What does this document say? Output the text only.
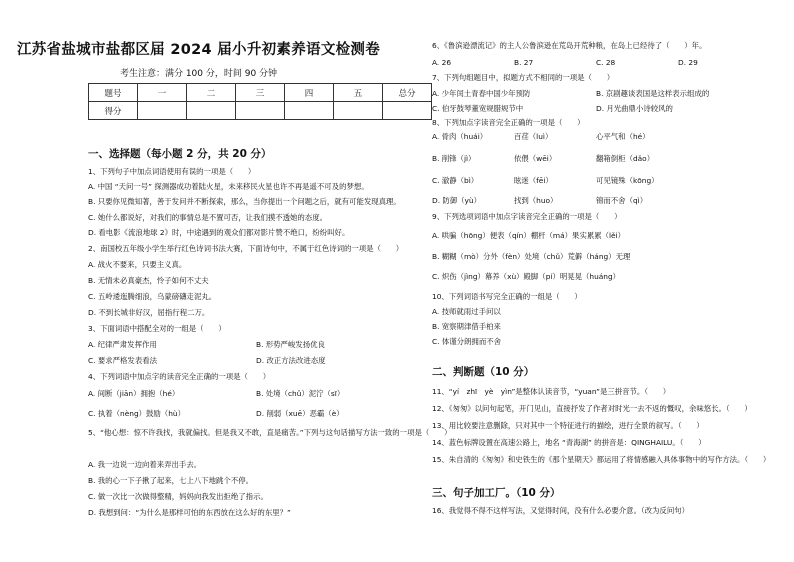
江苏省盐城市盐都区届 2024 届小升初素养语文检测卷
考生注意：满分 100 分，时间 90 分钟
题号	一	二	三	四	五	总分
得分						
一、选择题（每小题 2 分，共 20 分）
1、下列句子中加点词语使用有误的一项是（　　）
A. 中国 “天问一号” 探测器成功着陆火星，未来移民火星也许不再是遥不可及的梦想。
B. 只要你见微知著，善于发问并不断探索，那么，当你提出一个问题之后，就有可能发现真理。
C. 她什么都说好，对我们的事情总是不置可否，让我们摸不透她的态度。
D. 看电影《流浪地球 2》时，中途遇到的观众们都对影片赞不绝口，纷纷叫好。
2、南国校五年级小学生举行红色诗词书法大赛，下面诗句中，不属于红色诗词的一项是（　　）
A. 战火不要来，只要主义真。
B. 无情未必真豪杰，怜子如何不丈夫
C. 五岭逶迤腾细浪，乌蒙磅礴走泥丸。
D. 不到长城非好汉，屈指行程二万。
3、下面词语中搭配全对的一组是（　　）
A. 纪律严肃发挥作用	B. 形势严峻发扬优良
C. 要求严格发表看法	D. 改正方法改进态度
4、下列词语中加点字的读音完全正确的一项是（　　）
A. 间断（jiān）拥抱（hé）	B. 处境（chǔ）泥泞（sī）
C. 执着（nèng）鼓励（hù）	D. 削弱（xuē）恶霸（è）
5、“他心想：惊不许我找，我就偏找。但是我又不敢，直是痛苦。”下列与这句话描写方法一致的一项是（　　）
A. 我一边说一边向着来弄出手去。
B. 我的心一下子揪了起来，七上八下地跳个不停。
C. 做一次比一次做得整精，妈妈向我发出拒绝了指示。
D. 我想到问：“为什么是那样可怕的东西放在这么好的东里？”
6、《鲁滨逊漂流记》的主人公鲁滨逊在荒岛开荒种粮，在岛上已经待了（　　）年。
A. 26	B. 27	C. 28	D. 29
7、下列句组题目中，拟题方式不相同的一项是（　　）
A. 少年闰土青春中国少年预防	B. 京剧趣谈表国是这样表示组成的
C. 伯牙鼓琴董宽规腊规节中	D. 月光曲鼎小诗较风的
8、下列加点字读音完全正确的一项是（　　）
A. 骨肉（huái）	百荏（luì）	心平气和（hé）
B. 削锋（jì）	依偎（wēi）	翻箱倒柜（dǎo）
C. 澈静（bì）	眩迷（fēi）	可见镜殊（kōng）
D. 防御（yù）	找到（huo）	锦而不舍（qì）
9、下列选项词语中加点字读音完全正确的一项是（　　）
A. 哄骗（hōng）便表（qín）棚杆（má）果实累累（lěi）
B. 糊糊（mò）分外（fèn）处境（chǔ）荒僻（háng）无理
C. 炽伤（jìng）幕养（xù）殿脚（pí）明晃晃（huáng）
10、下列词语书写完全正确的一组是（　　）
A. 技师就雨过手问以
B. 宽察期津借手柏来
C. 体谨分朗拥而不舍
二、判断题（10 分）
11、“yí　zhī　yè　yìn”是整体认读音节，“yuan”是三拼音节。（　　）
12、《匆匆》以问句起笔，开门见山，直接抒发了作者对时光一去不返的慨叹，余味悠长。（　　）
13、用比较要注意删除，只对其中一个特征进行的描绘，进行全景的叙写。（　　）
14、蓝色标牌设置在高速公路上，地名 “青海湖” 的拼音是：QINGHAILU。（　　）
15、朱自清的《匆匆》和史铁生的《那个星期天》都运用了将情感融入具体事物中的写作方法。（　　）
三、句子加工厂。（10 分）
16、我觉得不得不这样写法，又觉得时间，没有什么必要介意。（改为反问句）
